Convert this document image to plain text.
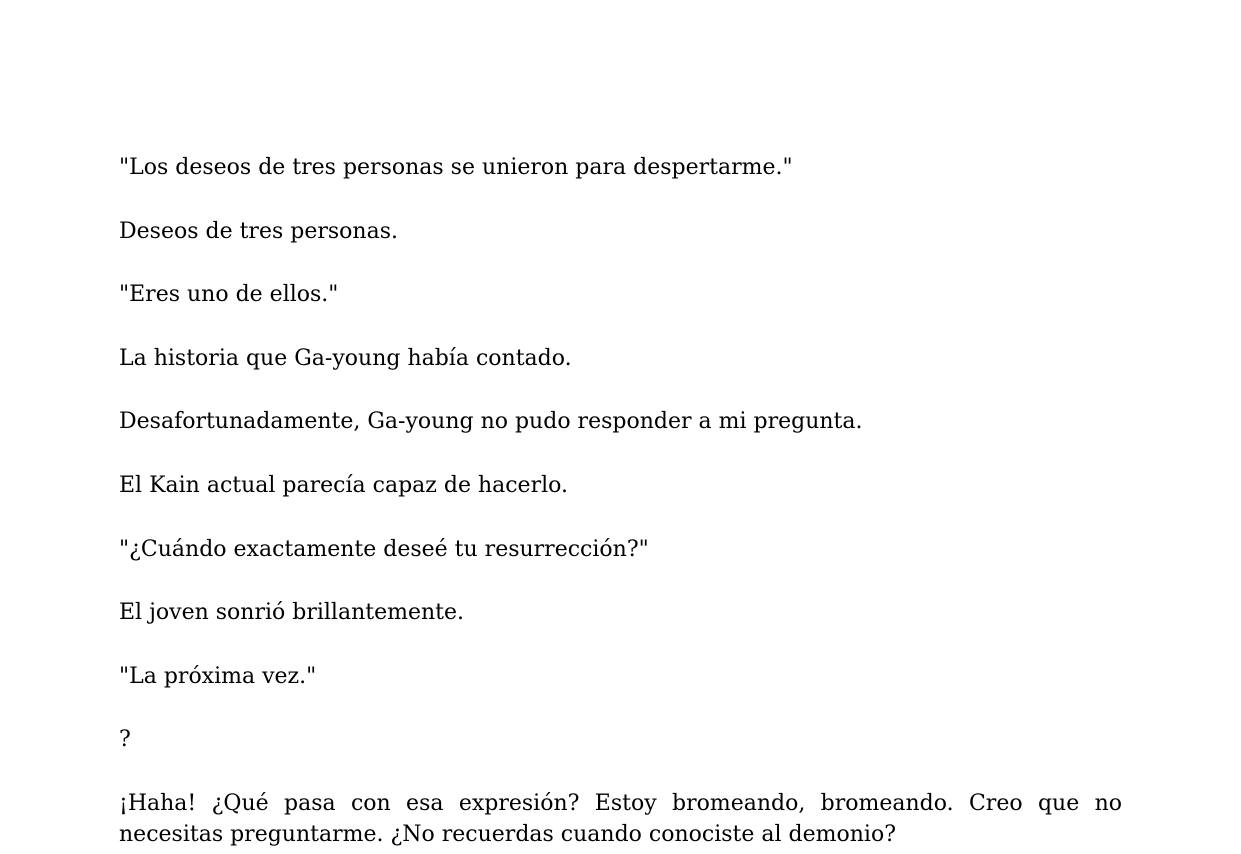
"Los deseos de tres personas se unieron para despertarme."

Deseos de tres personas.

"Eres uno de ellos."

La historia que Ga-young había contado.

Desafortunadamente, Ga-young no pudo responder a mi pregunta.

El Kain actual parecía capaz de hacerlo.

"¿Cuándo exactamente deseé tu resurrección?"

El joven sonrió brillantemente.

"La próxima vez."

?

¡Haha! ¿Qué pasa con esa expresión? Estoy bromeando, bromeando. Creo que no necesitas preguntarme. ¿No recuerdas cuando conociste al demonio?
